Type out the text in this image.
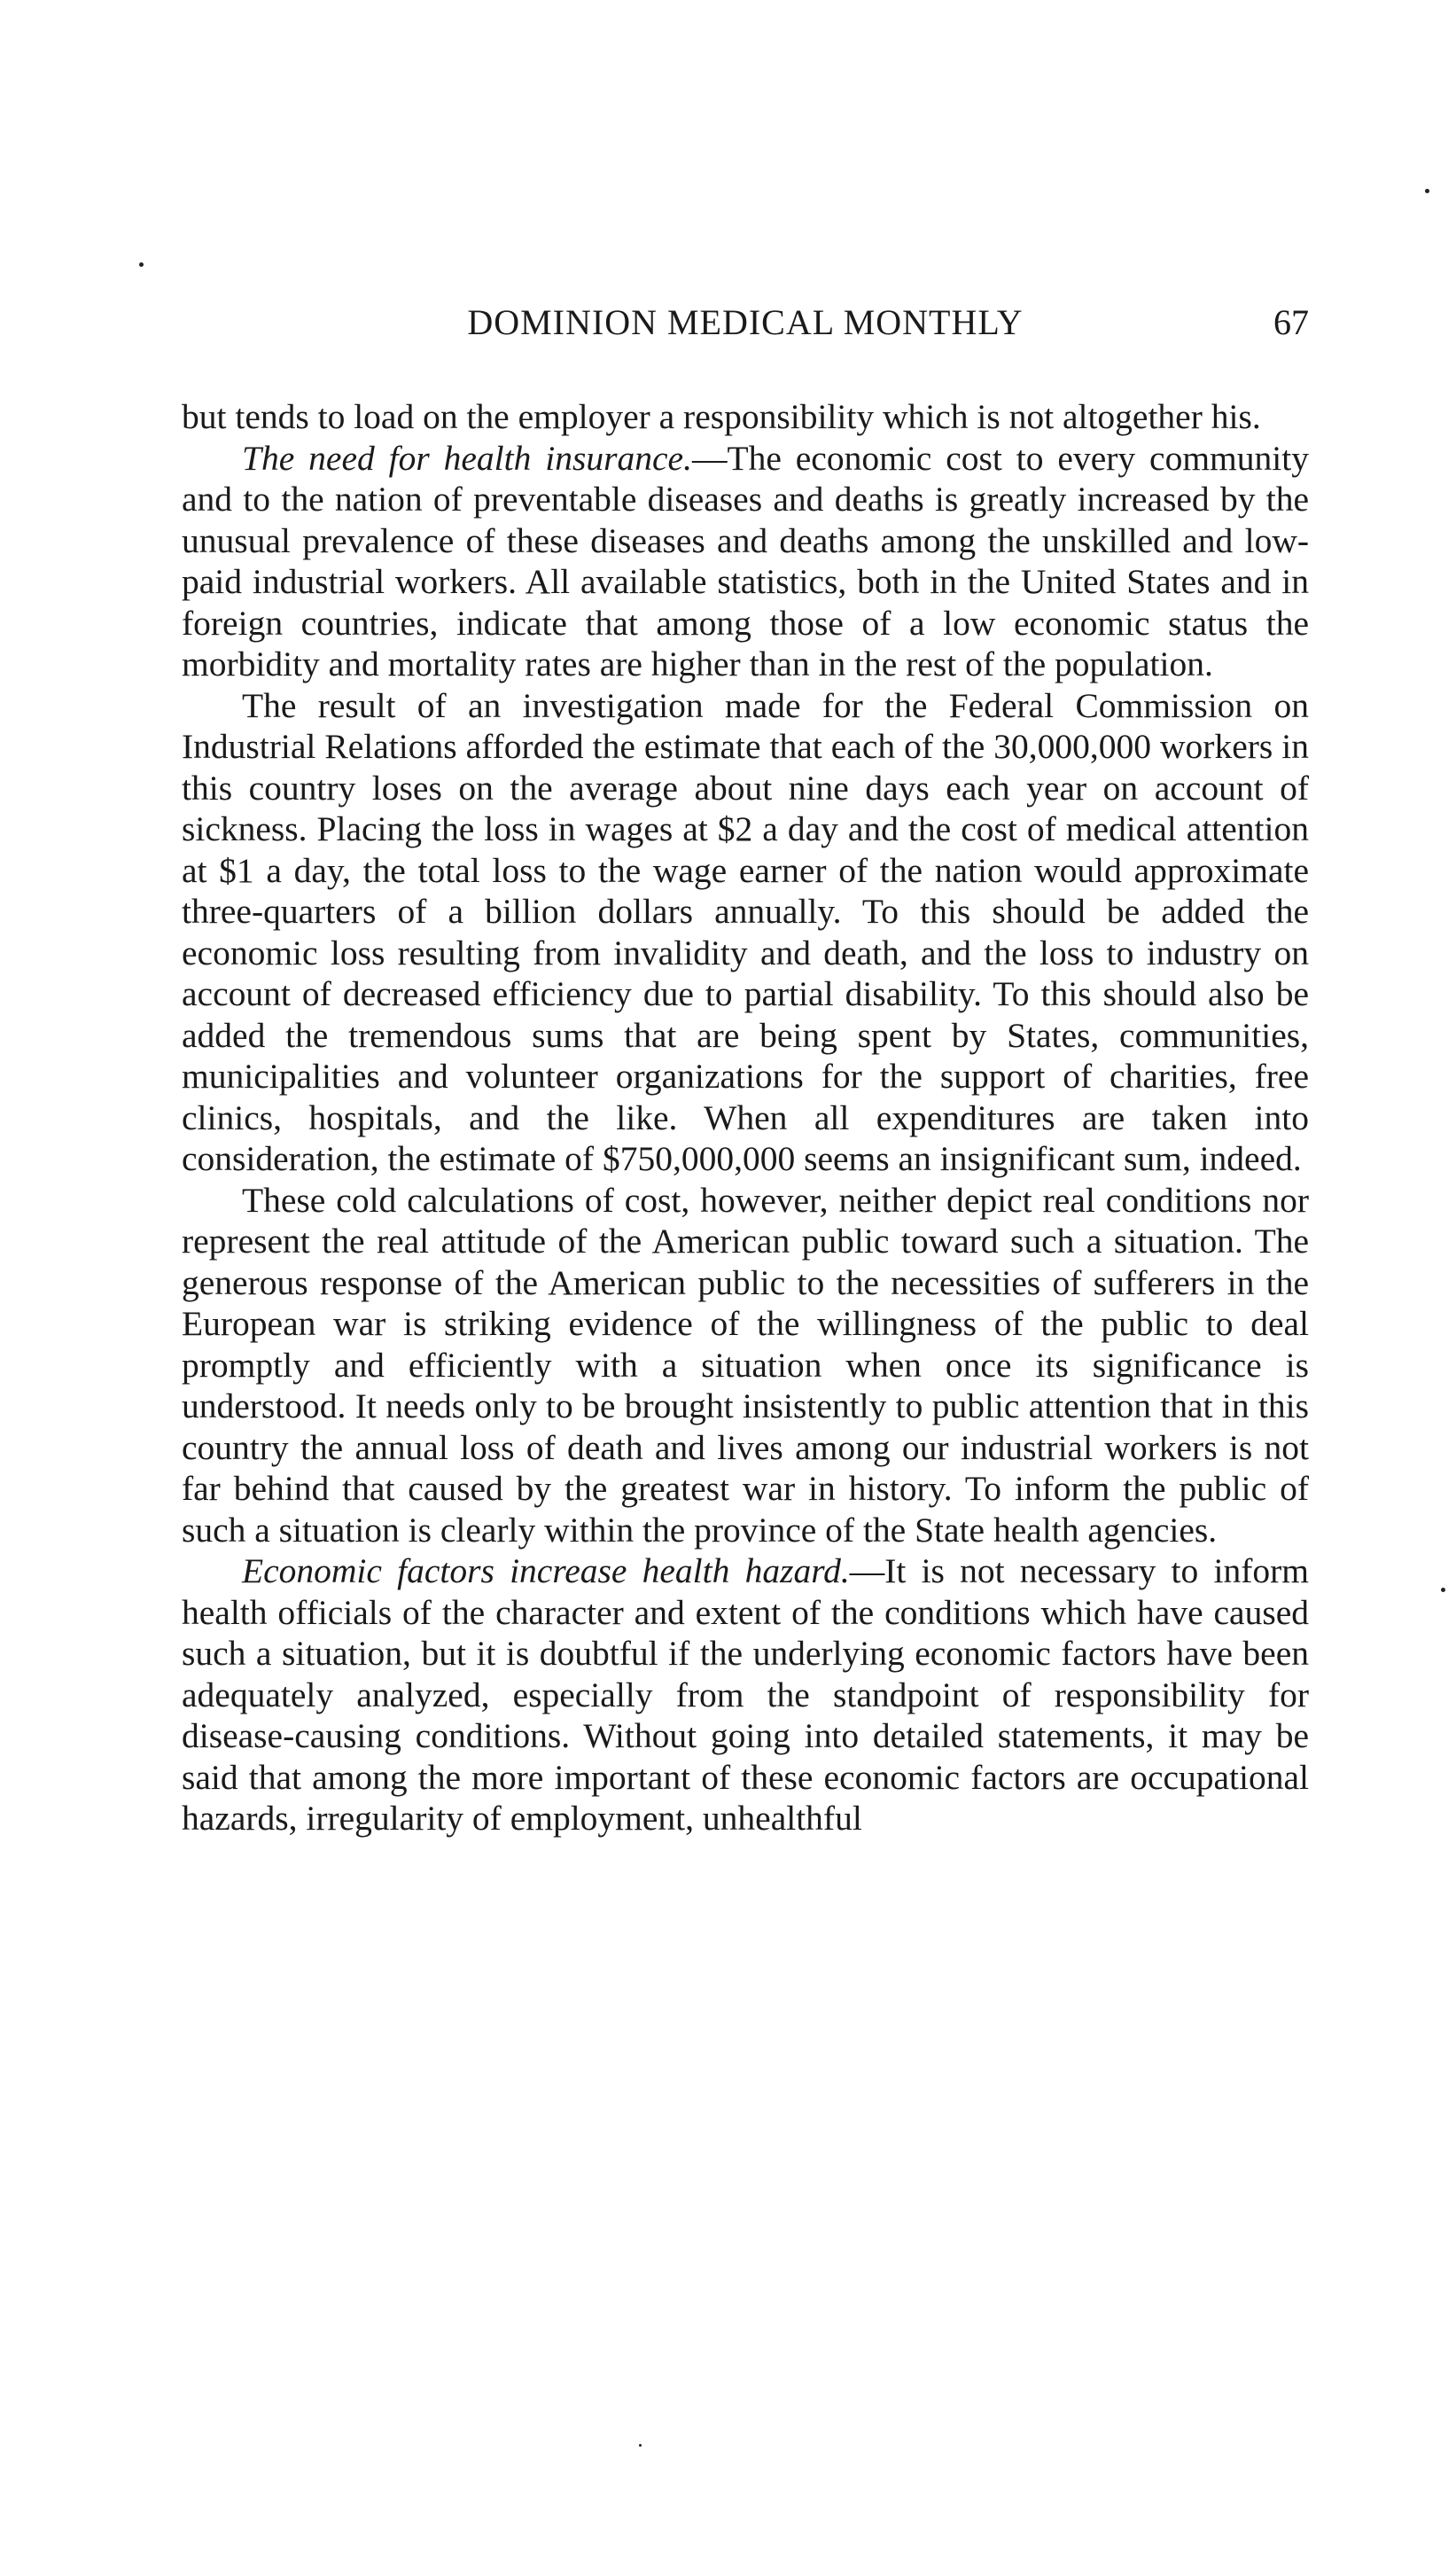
DOMINION MEDICAL MONTHLY	67

but tends to load on the employer a responsibility which is not altogether his.

The need for health insurance.—The economic cost to every community and to the nation of preventable diseases and deaths is greatly increased by the unusual prevalence of these diseases and deaths among the unskilled and low-paid industrial workers. All available statistics, both in the United States and in foreign countries, indicate that among those of a low economic status the morbidity and mortality rates are higher than in the rest of the population.

The result of an investigation made for the Federal Commission on Industrial Relations afforded the estimate that each of the 30,000,000 workers in this country loses on the average about nine days each year on account of sickness. Placing the loss in wages at $2 a day and the cost of medical attention at $1 a day, the total loss to the wage earner of the nation would approximate three-quarters of a billion dollars annually. To this should be added the economic loss resulting from invalidity and death, and the loss to industry on account of decreased efficiency due to partial disability. To this should also be added the tremendous sums that are being spent by States, communities, municipalities and volunteer organizations for the support of charities, free clinics, hospitals, and the like. When all expenditures are taken into consideration, the estimate of $750,000,000 seems an insignificant sum, indeed.

These cold calculations of cost, however, neither depict real conditions nor represent the real attitude of the American public toward such a situation. The generous response of the American public to the necessities of sufferers in the European war is striking evidence of the willingness of the public to deal promptly and efficiently with a situation when once its significance is understood. It needs only to be brought insistently to public attention that in this country the annual loss of death and lives among our industrial workers is not far behind that caused by the greatest war in history. To inform the public of such a situation is clearly within the province of the State health agencies.

Economic factors increase health hazard.—It is not necessary to inform health officials of the character and extent of the conditions which have caused such a situation, but it is doubtful if the underlying economic factors have been adequately analyzed, especially from the standpoint of responsibility for disease-causing conditions. Without going into detailed statements, it may be said that among the more important of these economic factors are occupational hazards, irregularity of employment, unhealthful
